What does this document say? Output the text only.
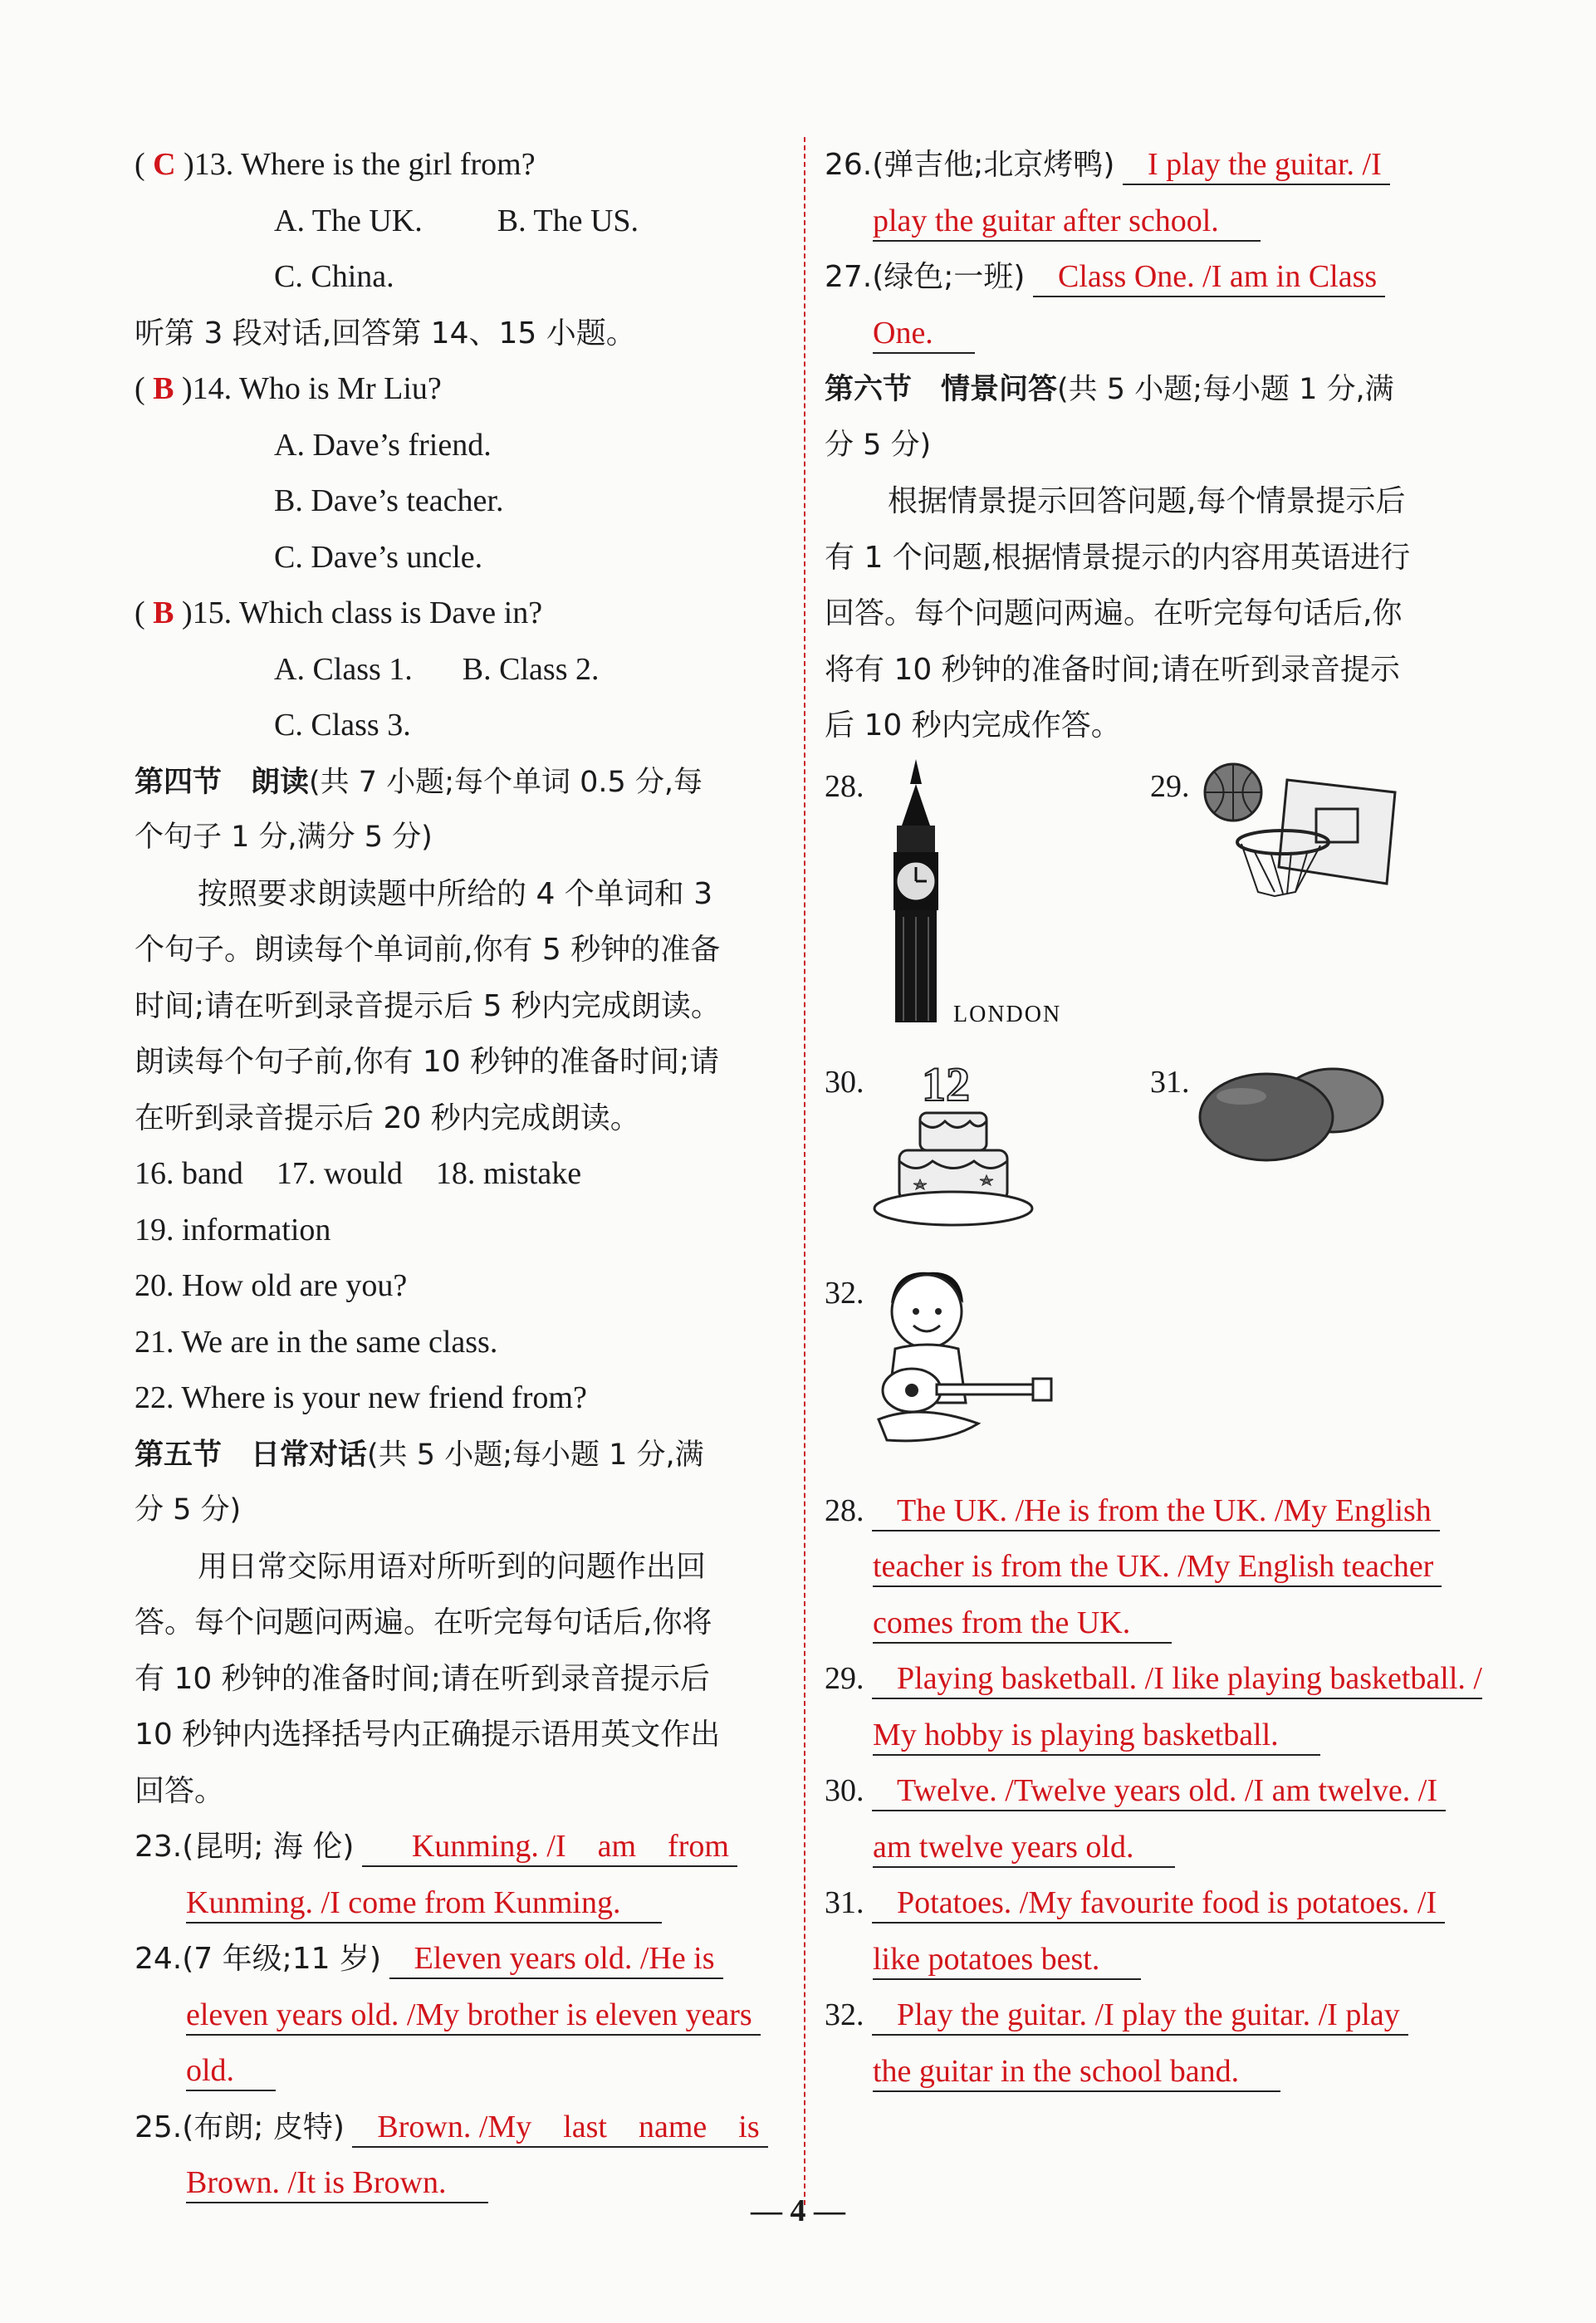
( C )13. Where is the girl from?
A. The UK. B. The US.
C. China.
听第 3 段对话,回答第 14、15 小题。
( B )14. Who is Mr Liu?
A. Dave’s friend.
B. Dave’s teacher.
C. Dave’s uncle.
( B )15. Which class is Dave in?
A. Class 1. B. Class 2.
C. Class 3.
第四节　朗读(共 7 小题;每个单词 0.5 分,每
个句子 1 分,满分 5 分)
按照要求朗读题中所给的 4 个单词和 3
个句子。朗读每个单词前,你有 5 秒钟的准备
时间;请在听到录音提示后 5 秒内完成朗读。
朗读每个句子前,你有 10 秒钟的准备时间;请
在听到录音提示后 20 秒内完成朗读。
16. band 17. would 18. mistake
19. information
20. How old are you?
21. We are in the same class.
22. Where is your new friend from?
第五节　日常对话(共 5 小题;每小题 1 分,满
分 5 分)
用日常交际用语对所听到的问题作出回
答。每个问题问两遍。在听完每句话后,你将
有 10 秒钟的准备时间;请在听到录音提示后
10 秒钟内选择括号内正确提示语用英文作出
回答。
23.(昆明; 海 伦) Kunming. /I　am　from
Kunming. /I come from Kunming.
24.(7 年级;11 岁) Eleven years old. /He is
eleven years old. /My brother is eleven years
old.
25.(布朗; 皮特) Brown. /My　last　name　is
Brown. /It is Brown.
26.(弹吉他;北京烤鸭) I play the guitar. /I
play the guitar after school.
27.(绿色;一班) Class One. /I am in Class
One.
第六节　情景问答(共 5 小题;每小题 1 分,满
分 5 分)
根据情景提示回答问题,每个情景提示后
有 1 个问题,根据情景提示的内容用英语进行
回答。每个问题问两遍。在听完每句话后,你
将有 10 秒钟的准备时间;请在听到录音提示
后 10 秒内完成作答。
28.
LONDON
29.
30. 12	31.
32.
28. The UK. /He is from the UK. /My English
teacher is from the UK. /My English teacher
comes from the UK.
29. Playing basketball. /I like playing basketball. /
My hobby is playing basketball.
30. Twelve. /Twelve years old. /I am twelve. /I
am twelve years old.
31. Potatoes. /My favourite food is potatoes. /I
like potatoes best.
32. Play the guitar. /I play the guitar. /I play
the guitar in the school band.
— 4 —
